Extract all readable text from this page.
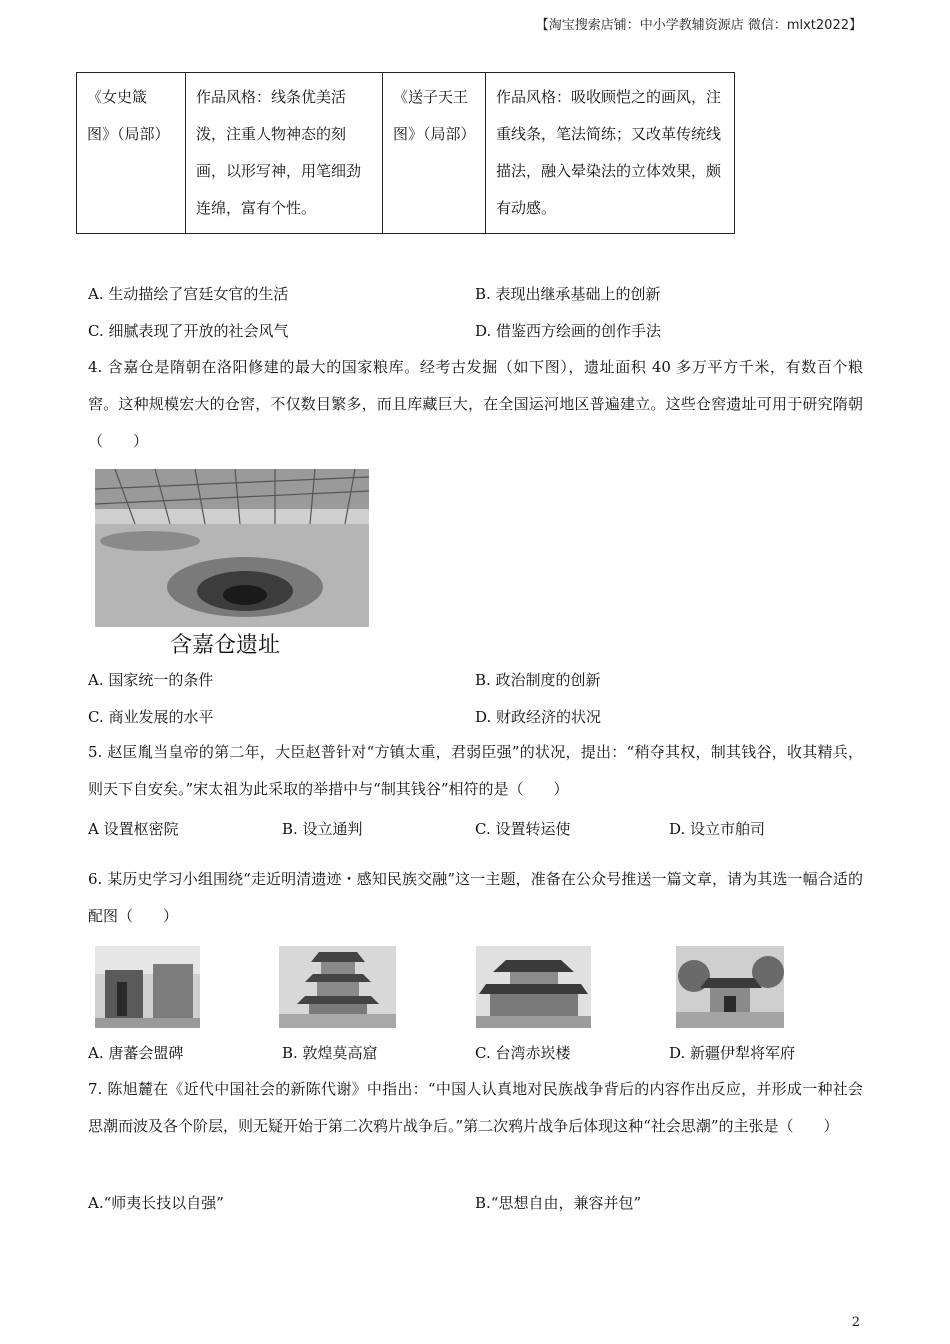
【淘宝搜索店铺：中小学教辅资源店 微信：mlxt2022】
《女史箴图》（局部）	作品风格：线条优美活泼，注重人物神态的刻画，以形写神，用笔细劲连绵，富有个性。	《送子天王图》（局部）	作品风格：吸收顾恺之的画风，注重线条，笔法简练；又改革传统线描法，融入晕染法的立体效果，颇有动感。
A. 生动描绘了宫廷女官的生活	B. 表现出继承基础上的创新
C. 细腻表现了开放的社会风气	D. 借鉴西方绘画的创作手法
4. 含嘉仓是隋朝在洛阳修建的最大的国家粮库。经考古发掘（如下图），遗址面积 40 多万平方千米，有数百个粮窖。这种规模宏大的仓窖，不仅数目繁多，而且库藏巨大，在全国运河地区普遍建立。这些仓窖遗址可用于研究隋朝（　　）
含嘉仓遗址
A. 国家统一的条件	B. 政治制度的创新
C. 商业发展的水平	D. 财政经济的状况
5. 赵匡胤当皇帝的第二年，大臣赵普针对“方镇太重，君弱臣强”的状况，提出：“稍夺其权，制其钱谷，收其精兵，则天下自安矣。”宋太祖为此采取的举措中与“制其钱谷”相符的是（　　）
A 设置枢密院	B. 设立通判	C. 设置转运使	D. 设立市舶司
6. 某历史学习小组围绕“走近明清遗迹・感知民族交融”这一主题，准备在公众号推送一篇文章，请为其选一幅合适的配图（　　）
A. 唐蕃会盟碑	B. 敦煌莫高窟	C. 台湾赤崁楼	D. 新疆伊犁将军府
7. 陈旭麓在《近代中国社会的新陈代谢》中指出：“中国人认真地对民族战争背后的内容作出反应，并形成一种社会思潮而波及各个阶层，则无疑开始于第二次鸦片战争后。”第二次鸦片战争后体现这种“社会思潮”的主张是（　　）
A.“师夷长技以自强”	B.“思想自由，兼容并包”
2
